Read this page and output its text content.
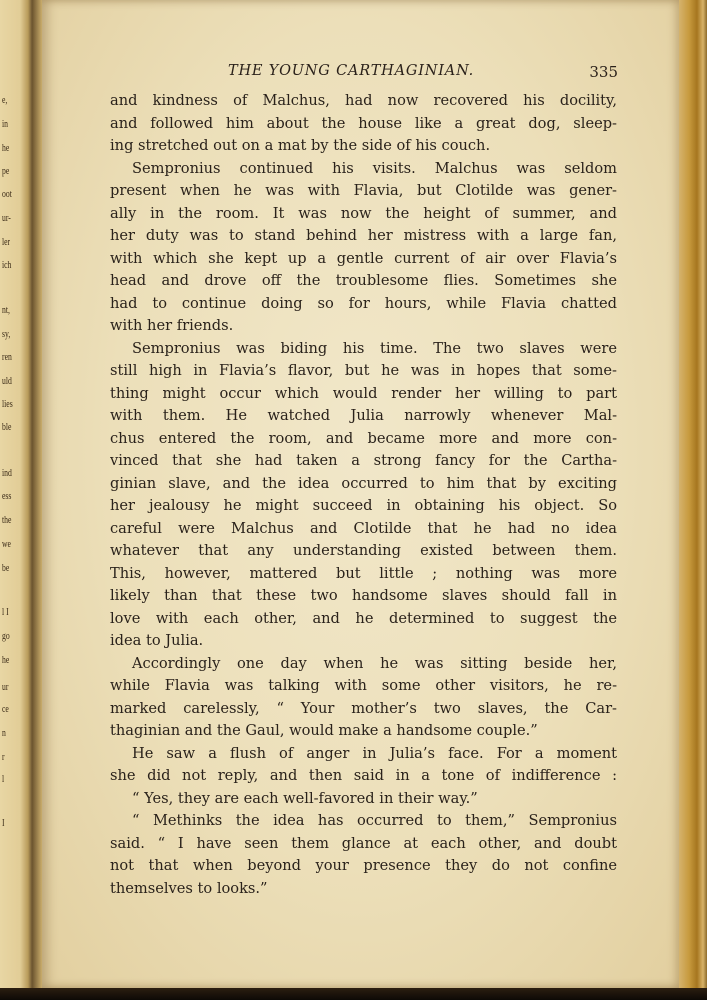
e,
in
he
pe
oot
ur-
ler
ich
nt,
sy,
ren
uld
lies
ble
ind
ess
the
we
be
l I
go
he
ur
ce
n
r
l
I
THE YOUNG CARTHAGINIAN.	335
and kindness of Malchus, had now recovered his docility,
and followed him about the house like a great dog, sleep-
ing stretched out on a mat by the side of his couch.
Sempronius continued his visits. Malchus was seldom
present when he was with Flavia, but Clotilde was gener-
ally in the room. It was now the height of summer, and
her duty was to stand behind her mistress with a large fan,
with which she kept up a gentle current of air over Flavia’s
head and drove off the troublesome flies. Sometimes she
had to continue doing so for hours, while Flavia chatted
with her friends.
Sempronius was biding his time. The two slaves were
still high in Flavia’s flavor, but he was in hopes that some-
thing might occur which would render her willing to part
with them. He watched Julia narrowly whenever Mal-
chus entered the room, and became more and more con-
vinced that she had taken a strong fancy for the Cartha-
ginian slave, and the idea occurred to him that by exciting
her jealousy he might succeed in obtaining his object. So
careful were Malchus and Clotilde that he had no idea
whatever that any understanding existed between them.
This, however, mattered but little ; nothing was more
likely than that these two handsome slaves should fall in
love with each other, and he determined to suggest the
idea to Julia.
Accordingly one day when he was sitting beside her,
while Flavia was talking with some other visitors, he re-
marked carelessly, “ Your mother’s two slaves, the Car-
thaginian and the Gaul, would make a handsome couple.”
He saw a flush of anger in Julia’s face. For a moment
she did not reply, and then said in a tone of indifference :
“ Yes, they are each well-favored in their way.”
“ Methinks the idea has occurred to them,” Sempronius
said. “ I have seen them glance at each other, and doubt
not that when beyond your presence they do not confine
themselves to looks.”
